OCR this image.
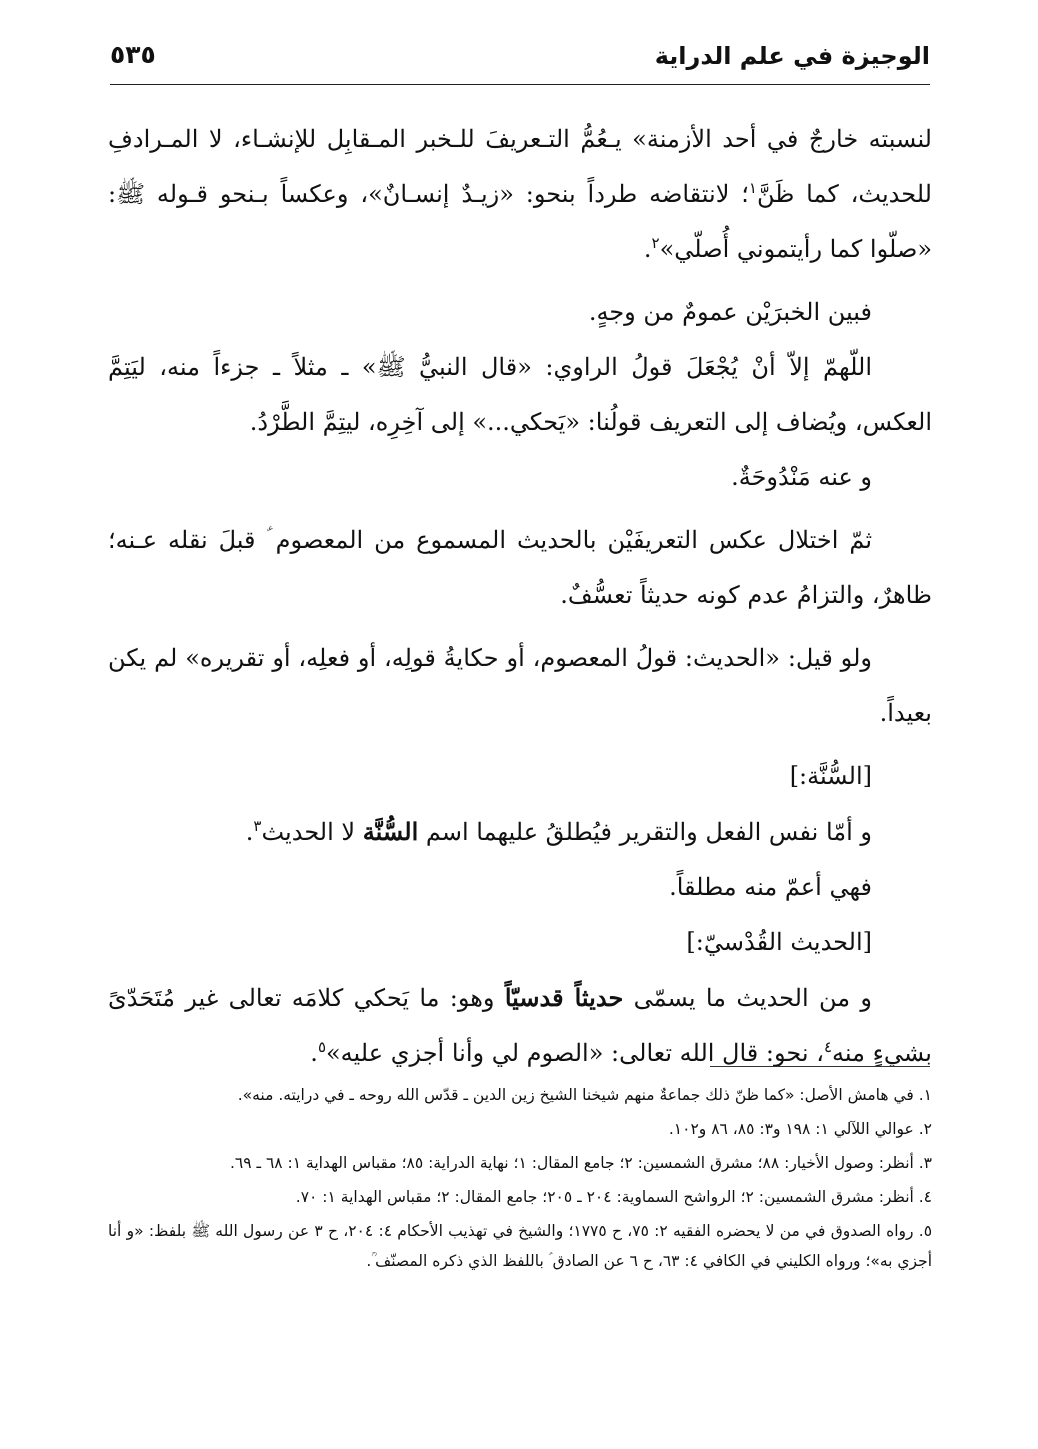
الوجيزة في علم الدراية
٥٣٥

لنسبته خارجٌ في أحد الأزمنة» يـعُمُّ التـعريفَ للـخبر المـقابِل للإنشـاء، لا المـرادفِ للحديث، كما ظَنَّ$^١$؛ لانتقاضه طرداً بنحو: «زيـدٌ إنسـانٌ»، وعكساً بـنحو قـوله ﷺ: «صلّوا كما رأيتموني أُصلّي»$^٢$.

فبين الخبرَيْن عمومٌ من وجهٍ.

اللّهمّ إلاّ أنْ يُجْعَلَ قولُ الراوي: «قال النبيُّ ﷺ» ـ مثلاً ـ جزءاً منه، ليَتِمَّ العكس، ويُضاف إلى التعريف قولُنا: «يَحكي...» إلى آخِرِه، ليتِمَّ الطَّرْدُ.

و عنه مَنْدُوحَةٌ.

ثمّ اختلال عكس التعريفَيْن بالحديث المسموع من المعصوم ؑ قبلَ نقله عـنه؛ ظاهرٌ، والتزامُ عدم كونه حديثاً تعسُّفٌ.

ولو قيل: «الحديث: قولُ المعصوم، أو حكايةُ قولِه، أو فعلِه، أو تقريره» لم يكن بعيداً.

[السُّنَّة:]

و أمّا نفس الفعل والتقرير فيُطلقُ عليهما اسم السُّنَّة لا الحديث$^٣$.

فهي أعمّ منه مطلقاً.

[الحديث القُدْسيّ:]

و من الحديث ما يسمّى حديثاً قدسيّاً وهو: ما يَحكي كلامَه تعالى غير مُتَحَدّىً بشيءٍ منه$^٤$، نحو: قال الله تعالى: «الصوم لي وأنا أجزي عليه»$^٥$.

١. في هامش الأصل: «كما ظنّ ذلك جماعةٌ منهم شيخنا الشيخ زين الدين ـ قدّس الله روحه ـ في درايته. منه».

٢. عوالي اللآلي ١: ١٩٨ و٣: ٨٥، ٨٦ و١٠٢.

٣. أنظر: وصول الأخيار: ٨٨؛ مشرق الشمسين: ٢؛ جامع المقال: ١؛ نهاية الدراية: ٨٥؛ مقباس الهداية ١: ٦٨ ـ ٦٩.

٤. أنظر: مشرق الشمسين: ٢؛ الرواشح السماوية: ٢٠٤ ـ ٢٠٥؛ جامع المقال: ٢؛ مقباس الهداية ١: ٧٠.

٥. رواه الصدوق في من لا يحضره الفقيه ٢: ٧٥، ح ١٧٧٥؛ والشيخ في تهذيب الأحكام ٤: ٢٠٤، ح ٣ عن رسول الله ﷺ بلفظ: «و أنا أجزي به»؛ ورواه الكليني في الكافي ٤: ٦٣، ح ٦ عن الصادق ؑ باللفظ الذي ذكره المصنّف ؒ.
